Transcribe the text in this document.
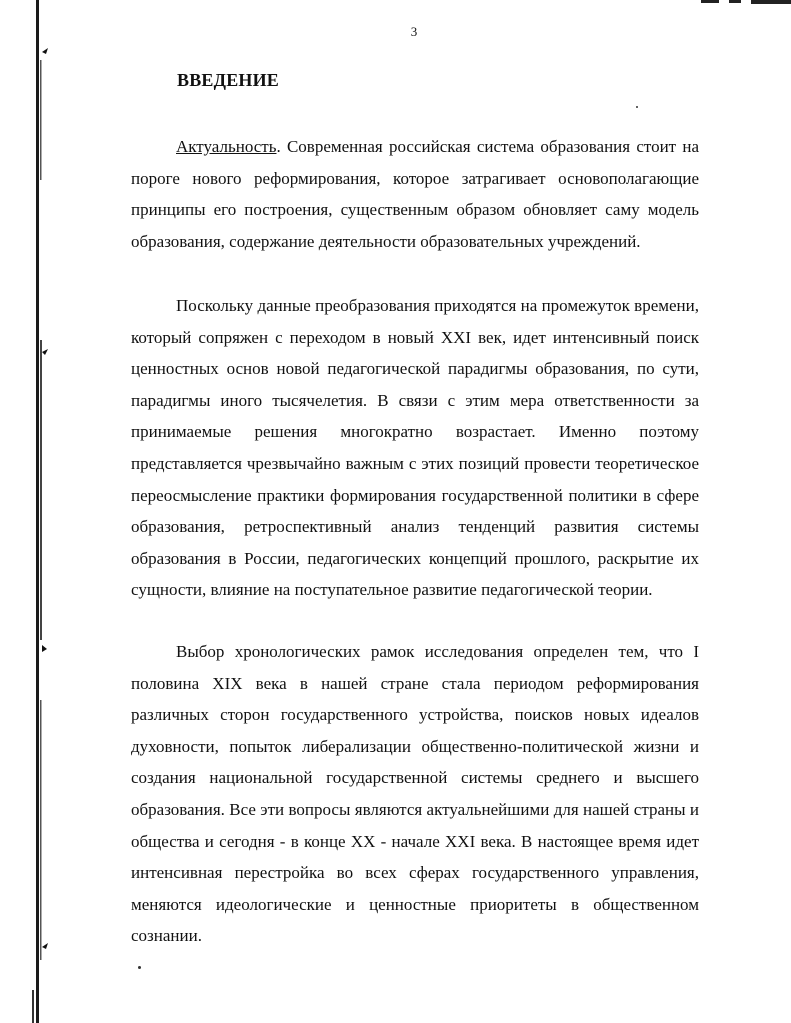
3
ВВЕДЕНИЕ

Актуальность. Современная российская система образования стоит на пороге нового реформирования, которое затрагивает основополагающие принципы его построения, существенным образом обновляет саму модель образования, содержание деятельности образовательных учреждений.

Поскольку данные преобразования приходятся на промежуток времени, который сопряжен с переходом в новый XXI век, идет интенсивный поиск ценностных основ новой педагогической парадигмы образования, по сути, парадигмы иного тысячелетия. В связи с этим мера ответственности за принимаемые решения многократно возрастает. Именно поэтому представляется чрезвычайно важным с этих позиций провести теоретическое переосмысление практики формирования государственной политики в сфере образования, ретроспективный анализ тенденций развития системы образования в России, педагогических концепций прошлого, раскрытие их сущности, влияние на поступательное развитие педагогической теории.

Выбор хронологических рамок исследования определен тем, что I половина XIX века в нашей стране стала периодом реформирования различных сторон государственного устройства, поисков новых идеалов духовности, попыток либерализации общественно-политической жизни и создания национальной государственной системы среднего и высшего образования. Все эти вопросы являются актуальнейшими для нашей страны и общества и сегодня - в конце XX - начале XXI века. В настоящее время идет интенсивная перестройка во всех сферах государственного управления, меняются идеологические и ценностные приоритеты в общественном сознании.
